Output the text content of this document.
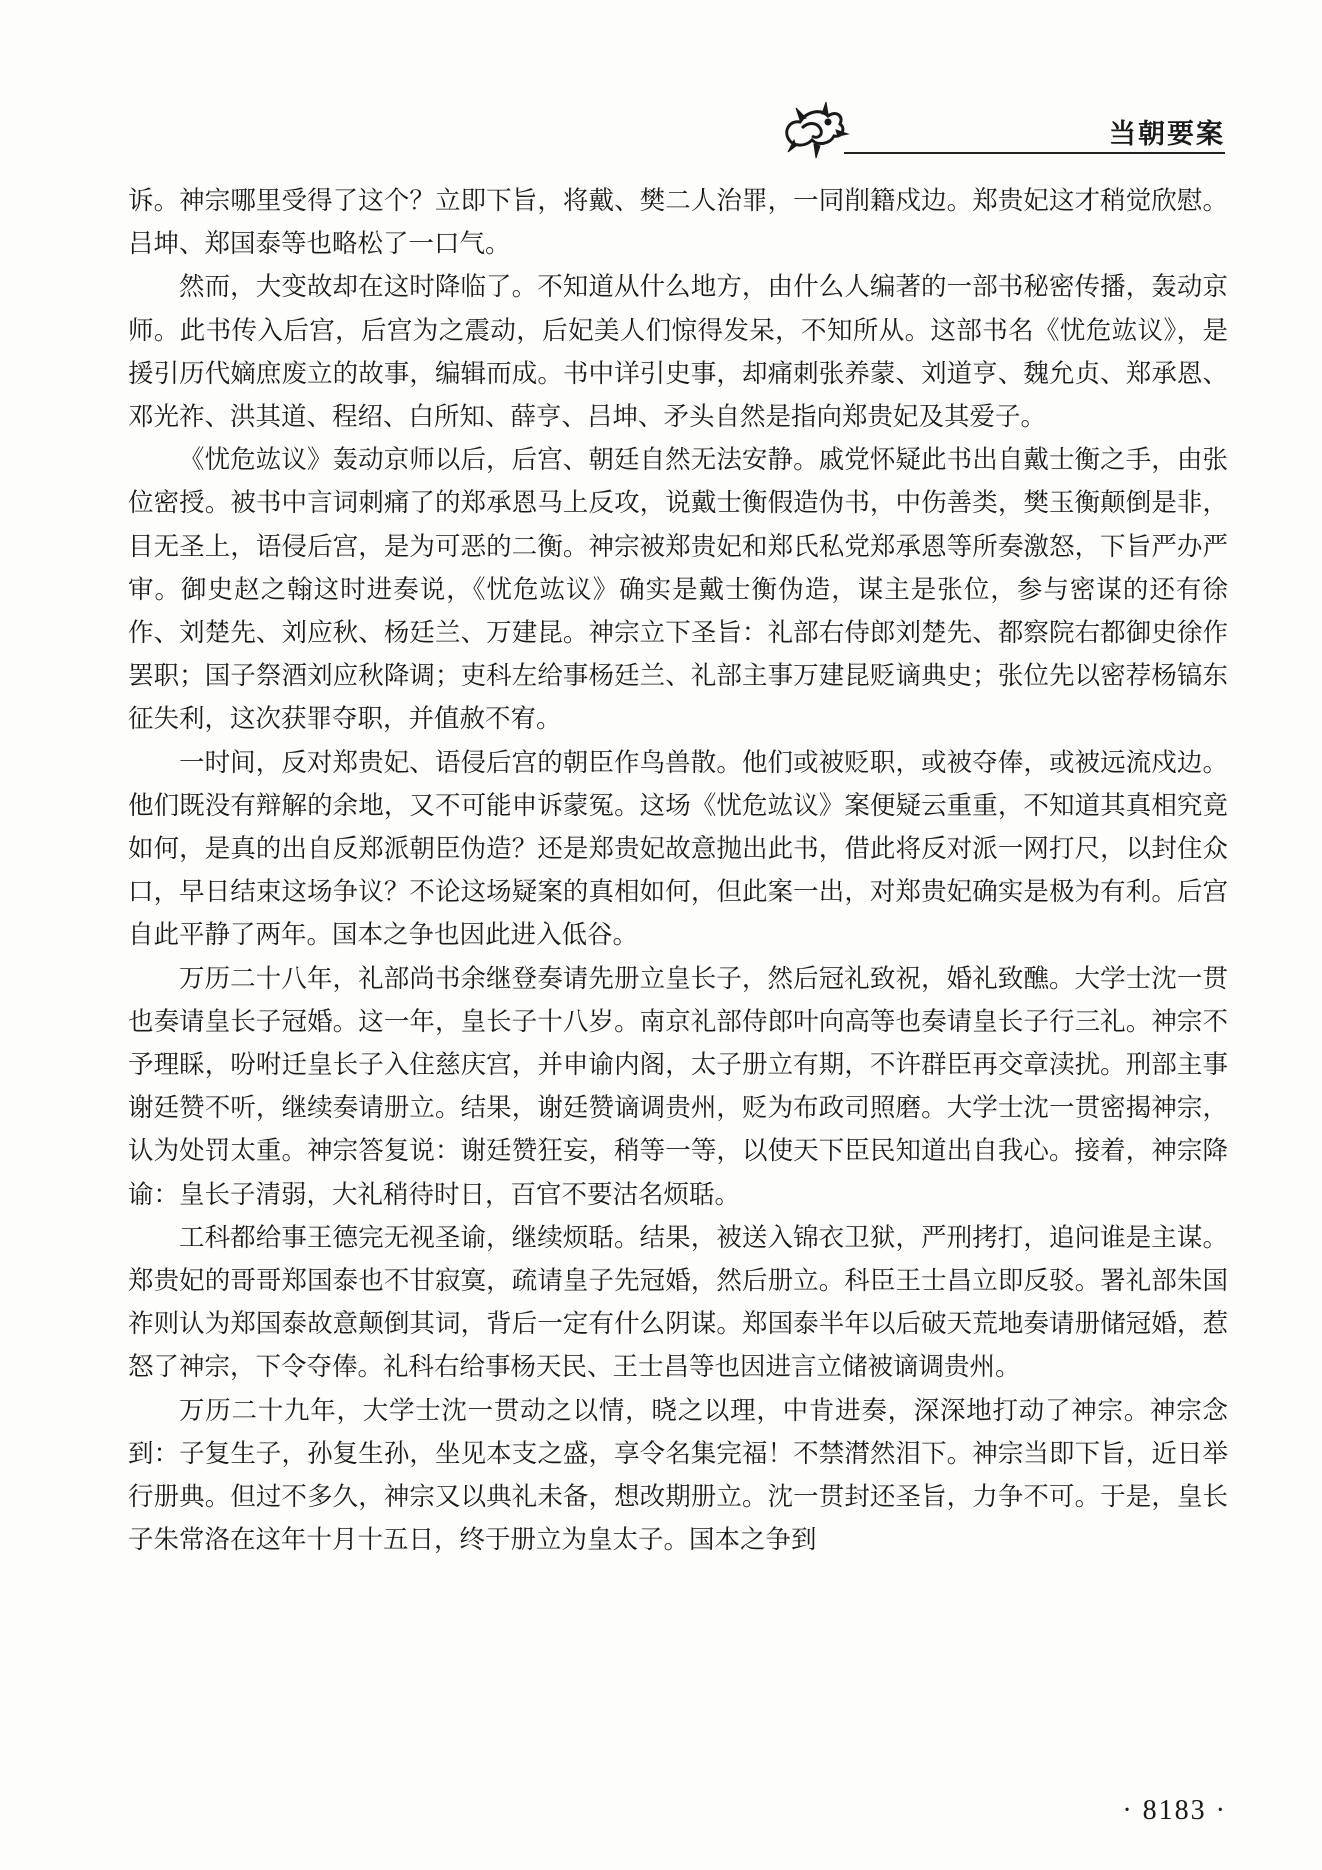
当朝要案

诉。神宗哪里受得了这个？立即下旨，将戴、樊二人治罪，一同削籍戍边。郑贵妃这才稍觉欣慰。吕坤、郑国泰等也略松了一口气。

然而，大变故却在这时降临了。不知道从什么地方，由什么人编著的一部书秘密传播，轰动京师。此书传入后宫，后宫为之震动，后妃美人们惊得发呆，不知所从。这部书名《忧危竑议》，是援引历代嫡庶废立的故事，编辑而成。书中详引史事，却痛刺张养蒙、刘道亨、魏允贞、郑承恩、邓光祚、洪其道、程绍、白所知、薛亨、吕坤、矛头自然是指向郑贵妃及其爱子。

《忧危竑议》轰动京师以后，后宫、朝廷自然无法安静。戚党怀疑此书出自戴士衡之手，由张位密授。被书中言词刺痛了的郑承恩马上反攻，说戴士衡假造伪书，中伤善类，樊玉衡颠倒是非，目无圣上，语侵后宫，是为可恶的二衡。神宗被郑贵妃和郑氏私党郑承恩等所奏激怒，下旨严办严审。御史赵之翰这时进奏说，《忧危竑议》确实是戴士衡伪造，谋主是张位，参与密谋的还有徐作、刘楚先、刘应秋、杨廷兰、万建昆。神宗立下圣旨：礼部右侍郎刘楚先、都察院右都御史徐作罢职；国子祭酒刘应秋降调；吏科左给事杨廷兰、礼部主事万建昆贬谪典史；张位先以密荐杨镐东征失利，这次获罪夺职，并值赦不宥。

一时间，反对郑贵妃、语侵后宫的朝臣作鸟兽散。他们或被贬职，或被夺俸，或被远流戍边。他们既没有辩解的余地，又不可能申诉蒙冤。这场《忧危竑议》案便疑云重重，不知道其真相究竟如何，是真的出自反郑派朝臣伪造？还是郑贵妃故意抛出此书，借此将反对派一网打尺，以封住众口，早日结束这场争议？不论这场疑案的真相如何，但此案一出，对郑贵妃确实是极为有利。后宫自此平静了两年。国本之争也因此进入低谷。

万历二十八年，礼部尚书余继登奏请先册立皇长子，然后冠礼致祝，婚礼致醮。大学士沈一贯也奏请皇长子冠婚。这一年，皇长子十八岁。南京礼部侍郎叶向高等也奏请皇长子行三礼。神宗不予理睬，吩咐迁皇长子入住慈庆宫，并申谕内阁，太子册立有期，不许群臣再交章渎扰。刑部主事谢廷赞不听，继续奏请册立。结果，谢廷赞谪调贵州，贬为布政司照磨。大学士沈一贯密揭神宗，认为处罚太重。神宗答复说：谢廷赞狂妄，稍等一等，以使天下臣民知道出自我心。接着，神宗降谕：皇长子清弱，大礼稍待时日，百官不要沽名烦聒。

工科都给事王德完无视圣谕，继续烦聒。结果，被送入锦衣卫狱，严刑拷打，追问谁是主谋。郑贵妃的哥哥郑国泰也不甘寂寞，疏请皇子先冠婚，然后册立。科臣王士昌立即反驳。署礼部朱国祚则认为郑国泰故意颠倒其词，背后一定有什么阴谋。郑国泰半年以后破天荒地奏请册储冠婚，惹怒了神宗，下令夺俸。礼科右给事杨天民、王士昌等也因进言立储被谪调贵州。

万历二十九年，大学士沈一贯动之以情，晓之以理，中肯进奏，深深地打动了神宗。神宗念到：子复生子，孙复生孙，坐见本支之盛，享令名集完福！不禁潸然泪下。神宗当即下旨，近日举行册典。但过不多久，神宗又以典礼未备，想改期册立。沈一贯封还圣旨，力争不可。于是，皇长子朱常洛在这年十月十五日，终于册立为皇太子。国本之争到

· 8183 ·
